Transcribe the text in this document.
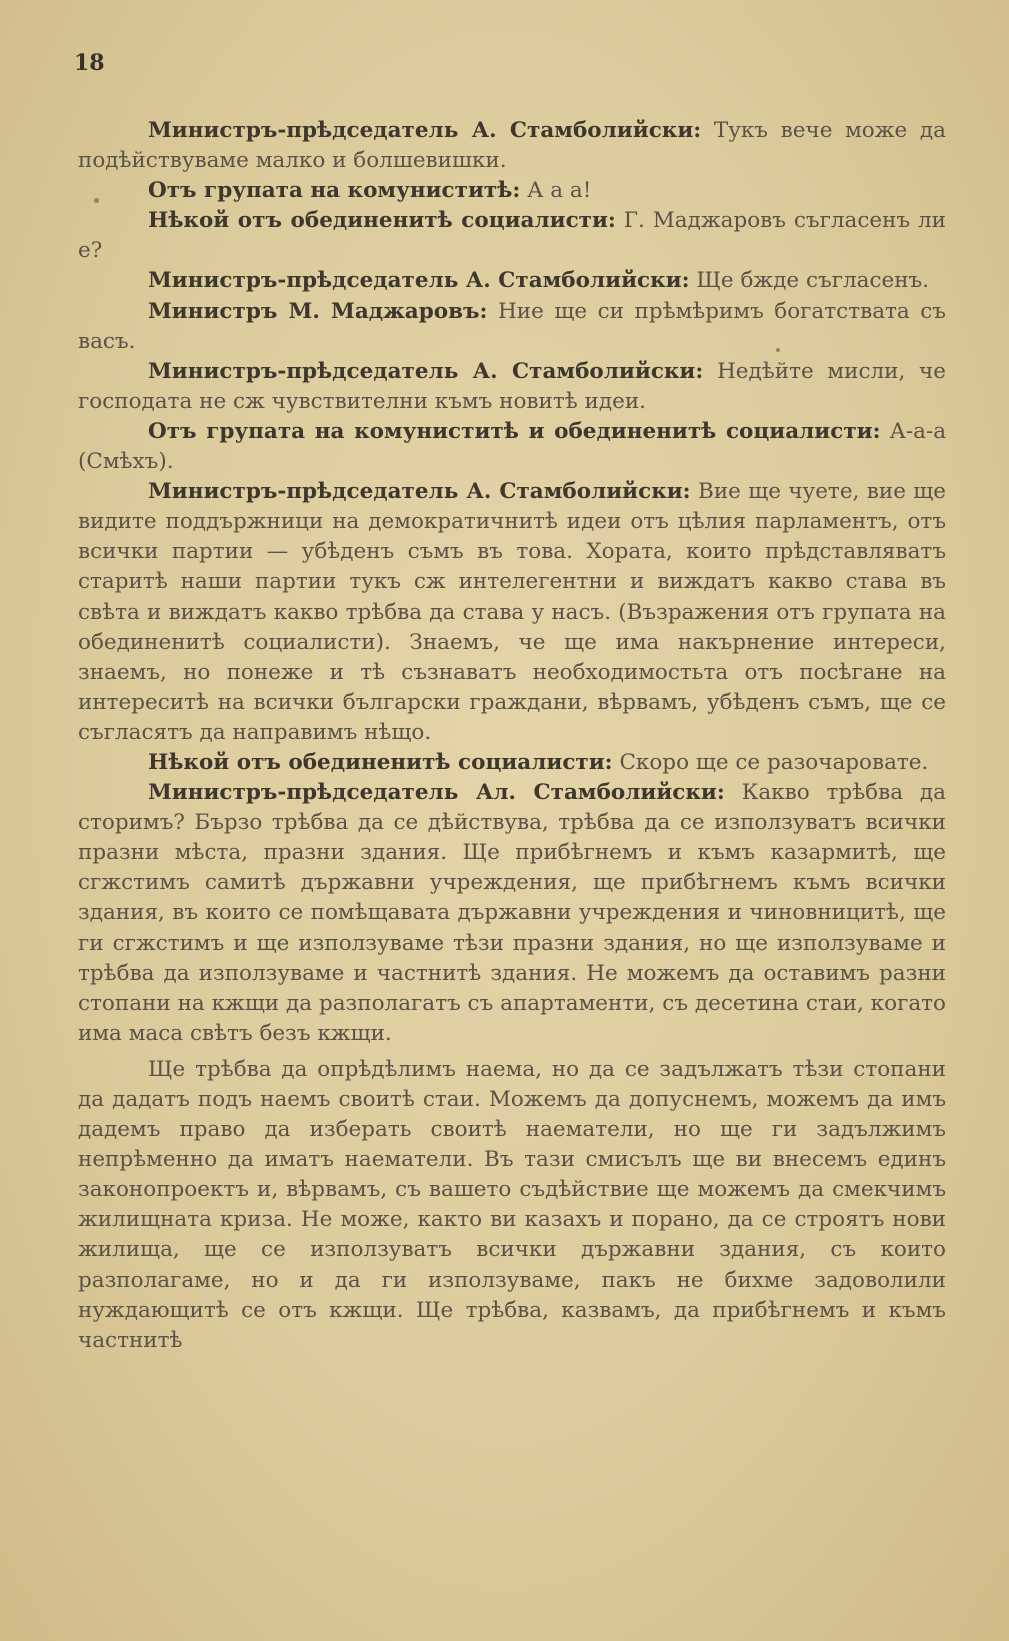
18

Министръ-прѣдседатель А. Стамболийски: Тукъ вече може да подѣйствуваме малко и болшевишки.

Отъ групата на комуниститѣ: А а а!

Нѣкой отъ обединенитѣ социалисти: Г. Маджаровъ съгласенъ ли е?

Министръ-прѣдседатель А. Стамболийски: Ще бжде съгласенъ.

Министръ М. Маджаровъ: Ние ще си прѣмѣримъ богатствата съ васъ.

Министръ-прѣдседатель А. Стамболийски: Недѣйте мисли, че господата не сж чувствителни къмъ новитѣ идеи.

Отъ групата на комуниститѣ и обединенитѣ социалисти: А-а-а (Смѣхъ).

Министръ-прѣдседатель А. Стамболийски: Вие ще чуете, вие ще видите поддържници на демократичнитѣ идеи отъ цѣлия парламентъ, отъ всички партии — убѣденъ съмъ въ това. Хората, които прѣдставляватъ старитѣ наши партии тукъ сж интелегентни и виждатъ какво става въ свѣта и виждатъ какво трѣбва да става у насъ. (Възражения отъ групата на обединенитѣ социалисти). Знаемъ, че ще има накърнение интереси, знаемъ, но понеже и тѣ съзнаватъ необходимостьта отъ посѣгане на интереситѣ на всички български граждани, вѣрвамъ, убѣденъ съмъ, ще се съгласятъ да направимъ нѣщо.

Нѣкой отъ обединенитѣ социалисти: Скоро ще се разочаровате.

Министръ-прѣдседатель Ал. Стамболийски: Какво трѣбва да сторимъ? Бързо трѣбва да се дѣйствува, трѣбва да се използуватъ всички празни мѣста, празни здания. Ще прибѣгнемъ и къмъ казармитѣ, ще сгжстимъ самитѣ държавни учреждения, ще прибѣгнемъ къмъ всички здания, въ които се помѣщавата държавни учреждения и чиновницитѣ, ще ги сгжстимъ и ще използуваме тѣзи празни здания, но ще използуваме и трѣбва да използуваме и частнитѣ здания. Не можемъ да оставимъ разни стопани на кжщи да разполагатъ съ апартаменти, съ десетина стаи, когато има маса свѣтъ безъ кжщи.

Ще трѣбва да опрѣдѣлимъ наема, но да се задължатъ тѣзи стопани да дадатъ подъ наемъ своитѣ стаи. Можемъ да допуснемъ, можемъ да имъ дадемъ право да изберать своитѣ наематели, но ще ги задължимъ непрѣменно да иматъ наематели. Въ тази смисълъ ще ви внесемъ единъ законопроектъ и, вѣрвамъ, съ вашето съдѣйствие ще можемъ да смекчимъ жилищната криза. Не може, както ви казахъ и порано, да се строятъ нови жилища, ще се използуватъ всички държавни здания, съ които разполагаме, но и да ги използуваме, пакъ не бихме задоволили нуждающитѣ се отъ кжщи. Ще трѣбва, казвамъ, да прибѣгнемъ и къмъ частнитѣ
